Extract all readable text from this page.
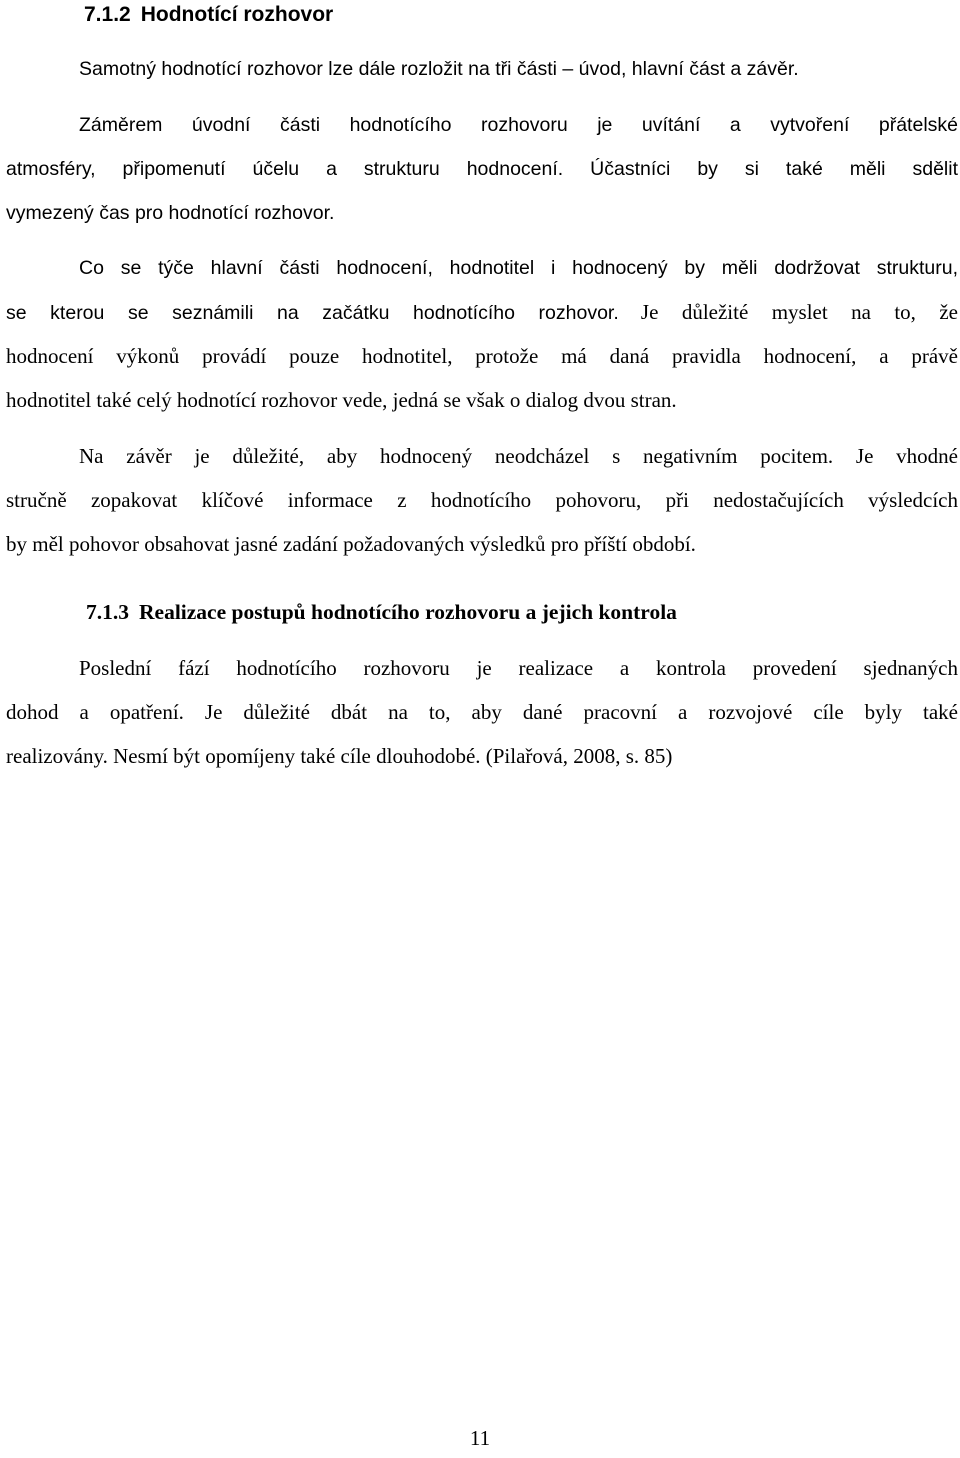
7.1.2 Hodnotící rozhovor
Samotný hodnotící rozhovor lze dále rozložit na tři části – úvod, hlavní část a závěr.
Záměrem úvodní části hodnotícího rozhovoru je uvítání a vytvoření přátelské
atmosféry, připomenutí účelu a strukturu hodnocení. Účastníci by si také měli sdělit
vymezený čas pro hodnotící rozhovor.
Co se týče hlavní části hodnocení, hodnotitel i hodnocený by měli dodržovat strukturu,
se kterou se seznámili na začátku hodnotícího rozhovor. Je důležité myslet na to, že
hodnocení výkonů provádí pouze hodnotitel, protože má daná pravidla hodnocení, a právě
hodnotitel také celý hodnotící rozhovor vede, jedná se však o dialog dvou stran.
Na závěr je důležité, aby hodnocený neodcházel s negativním pocitem. Je vhodné
stručně zopakovat klíčové informace z hodnotícího pohovoru, při nedostačujících výsledcích
by měl pohovor obsahovat jasné zadání požadovaných výsledků pro příští období.
7.1.3 Realizace postupů hodnotícího rozhovoru a jejich kontrola
Poslední fází hodnotícího rozhovoru je realizace a kontrola provedení sjednaných
dohod a opatření. Je důležité dbát na to, aby dané pracovní a rozvojové cíle byly také
realizovány. Nesmí být opomíjeny také cíle dlouhodobé. (Pilařová, 2008, s. 85)
11
